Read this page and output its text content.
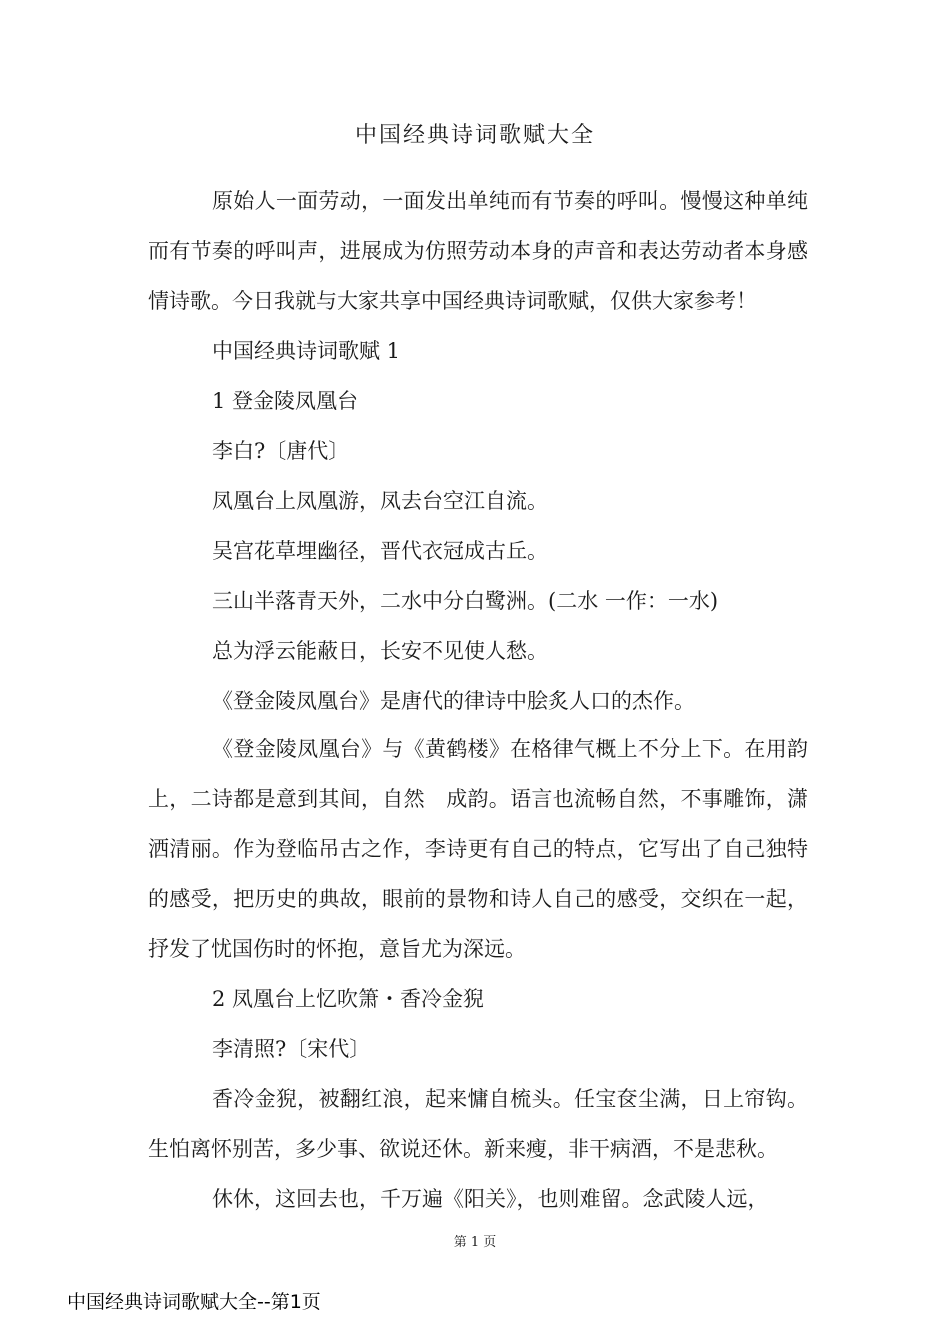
中国经典诗词歌赋大全

原始人一面劳动，一面发出单纯而有节奏的呼叫。慢慢这种单纯而有节奏的呼叫声，进展成为仿照劳动本身的声音和表达劳动者本身感情诗歌。今日我就与大家共享中国经典诗词歌赋，仅供大家参考！

中国经典诗词歌赋 1

1 登金陵凤凰台

李白?〔唐代〕

凤凰台上凤凰游，凤去台空江自流。

吴宫花草埋幽径，晋代衣冠成古丘。

三山半落青天外，二水中分白鹭洲。(二水 一作：一水)

总为浮云能蔽日，长安不见使人愁。

《登金陵凤凰台》是唐代的律诗中脍炙人口的杰作。

《登金陵凤凰台》与《黄鹤楼》在格律气概上不分上下。在用韵上，二诗都是意到其间，自然　成韵。语言也流畅自然，不事雕饰，潇洒清丽。作为登临吊古之作，李诗更有自己的特点，它写出了自己独特的感受，把历史的典故，眼前的景物和诗人自己的感受，交织在一起，抒发了忧国伤时的怀抱，意旨尤为深远。

2 凤凰台上忆吹箫・香冷金猊

李清照?〔宋代〕

香冷金猊，被翻红浪，起来慵自梳头。任宝奁尘满，日上帘钩。生怕离怀别苦，多少事、欲说还休。新来瘦，非干病酒，不是悲秋。

休休，这回去也，千万遍《阳关》，也则难留。念武陵人远，

第 1 页
中国经典诗词歌赋大全--第1页
